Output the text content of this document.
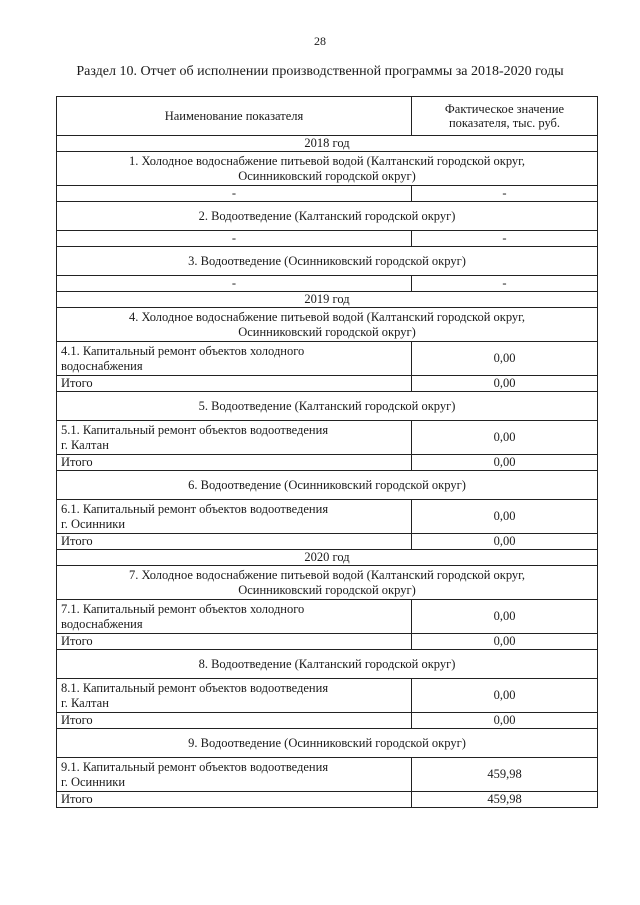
28
Раздел 10. Отчет об исполнении производственной программы за 2018-2020 годы
Наименование показателя	Фактическое значение
показателя, тыс. руб.
2018 год	
1. Холодное водоснабжение питьевой водой (Калтанский городской округ,
Осинниковский городской округ)	
-	-
2. Водоотведение (Калтанский городской округ)	
-	-
3. Водоотведение (Осинниковский городской округ)	
-	-
2019 год	
4. Холодное водоснабжение питьевой водой (Калтанский городской округ,
Осинниковский городской округ)	
4.1. Капитальный ремонт объектов холодного
водоснабжения	0,00
Итого	0,00
5. Водоотведение (Калтанский городской округ)	
5.1. Капитальный ремонт объектов водоотведения
г. Калтан	0,00
Итого	0,00
6. Водоотведение (Осинниковский городской округ)	
6.1. Капитальный ремонт объектов водоотведения
г. Осинники	0,00
Итого	0,00
2020 год	
7. Холодное водоснабжение питьевой водой (Калтанский городской округ,
Осинниковский городской округ)	
7.1. Капитальный ремонт объектов холодного
водоснабжения	0,00
Итого	0,00
8. Водоотведение (Калтанский городской округ)	
8.1. Капитальный ремонт объектов водоотведения
г. Калтан	0,00
Итого	0,00
9. Водоотведение (Осинниковский городской округ)	
9.1. Капитальный ремонт объектов водоотведения
г. Осинники	459,98
Итого	459,98
